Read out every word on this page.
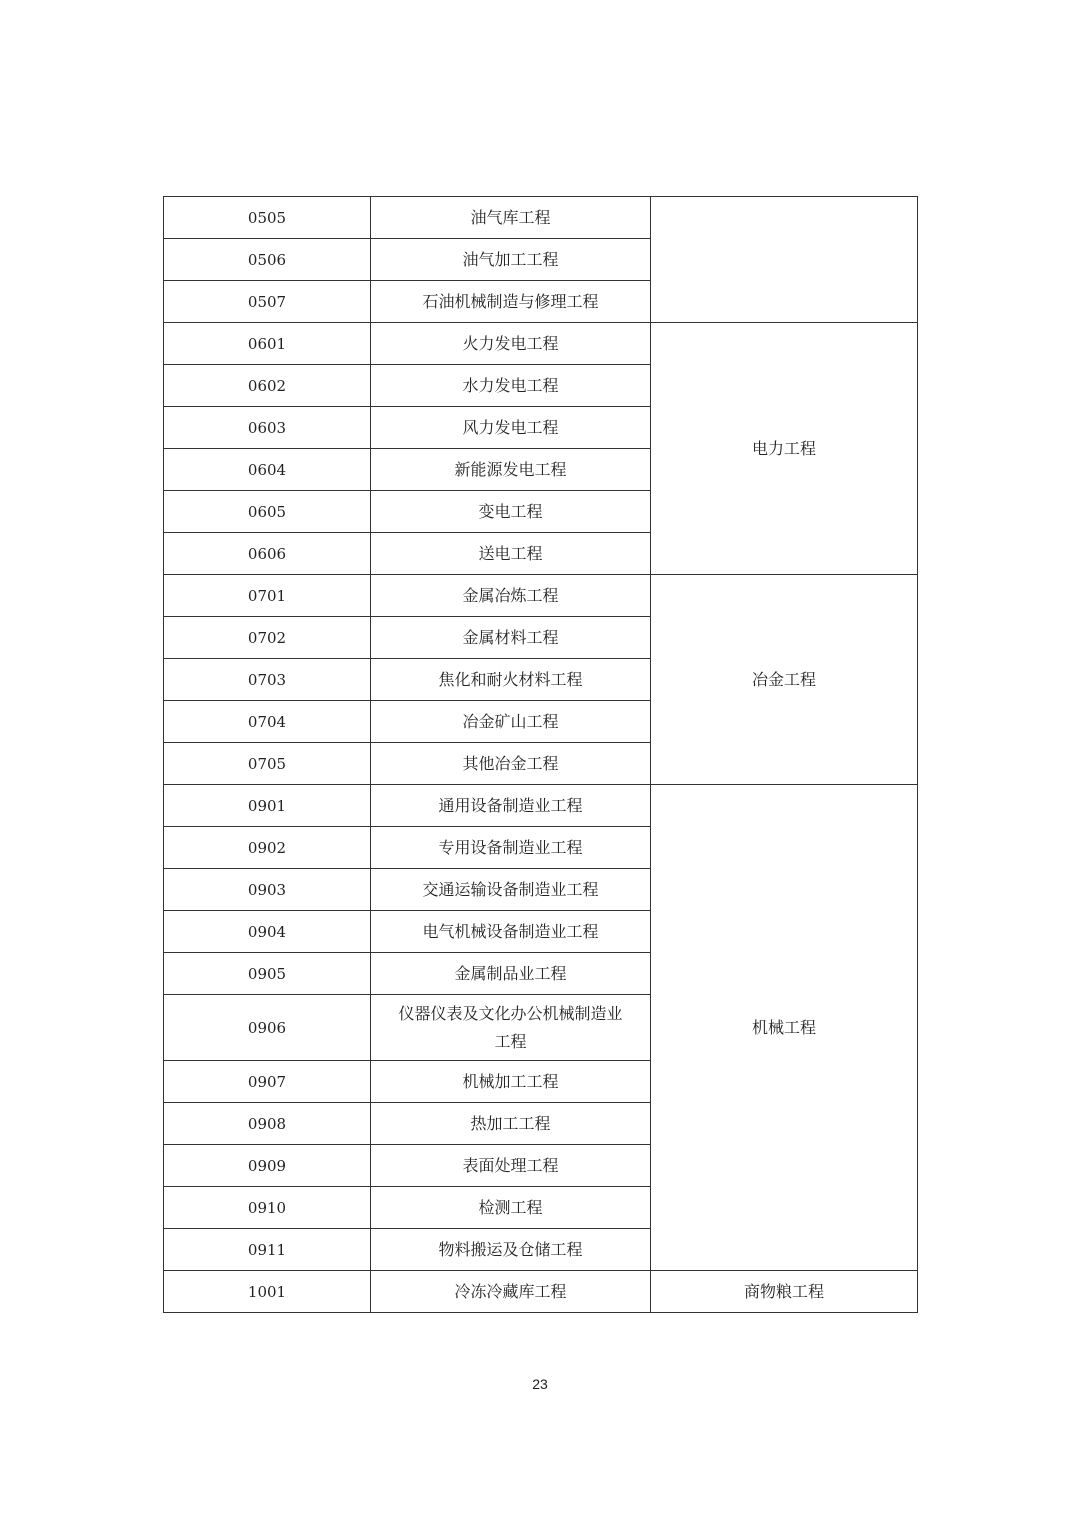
0505	油气库工程	
0506	油气加工工程	
0507	石油机械制造与修理工程	
0601	火力发电工程	电力工程
0602	水力发电工程	
0603	风力发电工程	
0604	新能源发电工程	
0605	变电工程	
0606	送电工程	
0701	金属冶炼工程	冶金工程
0702	金属材料工程	
0703	焦化和耐火材料工程	
0704	冶金矿山工程	
0705	其他冶金工程	
0901	通用设备制造业工程	机械工程
0902	专用设备制造业工程	
0903	交通运输设备制造业工程	
0904	电气机械设备制造业工程	
0905	金属制品业工程	
0906	仪器仪表及文化办公机械制造业工程	
0907	机械加工工程	
0908	热加工工程	
0909	表面处理工程	
0910	检测工程	
0911	物料搬运及仓储工程	
1001	冷冻冷藏库工程	商物粮工程
23
